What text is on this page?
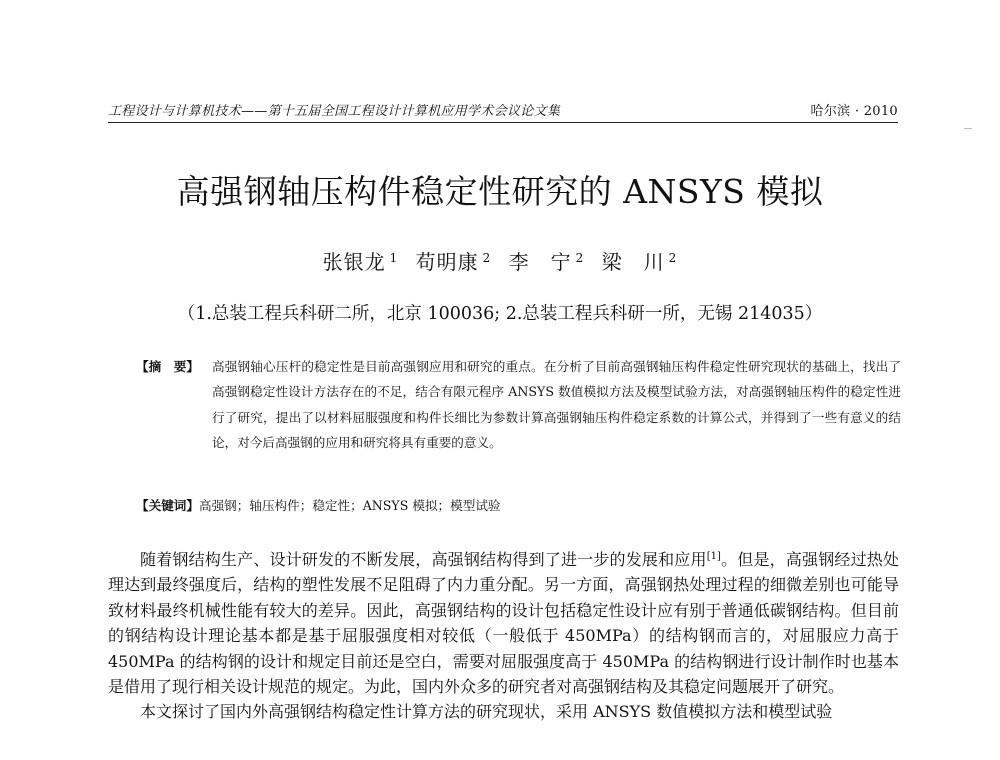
工程设计与计算机技术——第十五届全国工程设计计算机应用学术会议论文集	哈尔滨 · 2010
高强钢轴压构件稳定性研究的 ANSYS 模拟
张银龙 $^1$ 苟明康 $^2$ 李　宁 $^2$ 梁　川 $^2$
（1.总装工程兵科研二所，北京 100036; 2.总装工程兵科研一所，无锡 214035）
【摘　要】	高强钢轴心压杆的稳定性是目前高强钢应用和研究的重点。在分析了目前高强钢轴压构件稳定性研究现状的基础上，找出了高强钢稳定性设计方法存在的不足，结合有限元程序 ANSYS 数值模拟方法及模型试验方法，对高强钢轴压构件的稳定性进行了研究，提出了以材料屈服强度和构件长细比为参数计算高强钢轴压构件稳定系数的计算公式，并得到了一些有意义的结论，对今后高强钢的应用和研究将具有重要的意义。
【关键词】高强钢；轴压构件；稳定性；ANSYS 模拟；模型试验

随着钢结构生产、设计研发的不断发展，高强钢结构得到了进一步的发展和应用[1]。但是，高强钢经过热处理达到最终强度后，结构的塑性发展不足阻碍了内力重分配。另一方面，高强钢热处理过程的细微差别也可能导致材料最终机械性能有较大的差异。因此，高强钢结构的设计包括稳定性设计应有别于普通低碳钢结构。但目前的钢结构设计理论基本都是基于屈服强度相对较低（一般低于 450MPa）的结构钢而言的，对屈服应力高于 450MPa 的结构钢的设计和规定目前还是空白，需要对屈服强度高于 450MPa 的结构钢进行设计制作时也基本是借用了现行相关设计规范的规定。为此，国内外众多的研究者对高强钢结构及其稳定问题展开了研究。

本文探讨了国内外高强钢结构稳定性计算方法的研究现状，采用 ANSYS 数值模拟方法和模型试验
